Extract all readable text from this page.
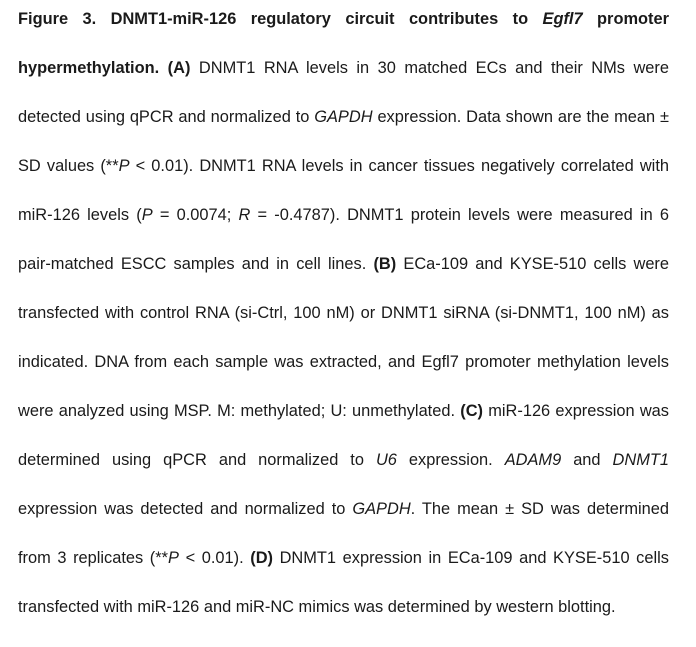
Figure 3. DNMT1-miR-126 regulatory circuit contributes to Egfl7 promoter hypermethylation. (A) DNMT1 RNA levels in 30 matched ECs and their NMs were detected using qPCR and normalized to GAPDH expression. Data shown are the mean ± SD values (**P < 0.01). DNMT1 RNA levels in cancer tissues negatively correlated with miR-126 levels (P = 0.0074; R = -0.4787). DNMT1 protein levels were measured in 6 pair-matched ESCC samples and in cell lines. (B) ECa-109 and KYSE-510 cells were transfected with control RNA (si-Ctrl, 100 nM) or DNMT1 siRNA (si-DNMT1, 100 nM) as indicated. DNA from each sample was extracted, and Egfl7 promoter methylation levels were analyzed using MSP. M: methylated; U: unmethylated. (C) miR-126 expression was determined using qPCR and normalized to U6 expression. ADAM9 and DNMT1 expression was detected and normalized to GAPDH. The mean ± SD was determined from 3 replicates (**P < 0.01). (D) DNMT1 expression in ECa-109 and KYSE-510 cells transfected with miR-126 and miR-NC mimics was determined by western blotting.
